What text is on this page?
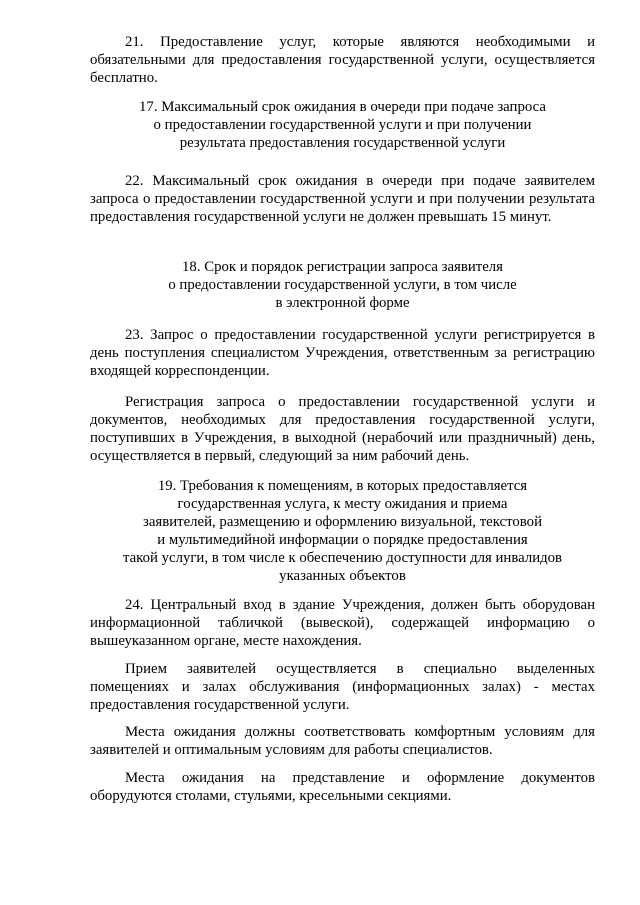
21. Предоставление услуг, которые являются необходимыми и обязательными для предоставления государственной услуги, осуществляется бесплатно.

17. Максимальный срок ожидания в очереди при подаче запроса
о предоставлении государственной услуги и при получении
результата предоставления государственной услуги

22. Максимальный срок ожидания в очереди при подаче заявителем запроса о предоставлении государственной услуги и при получении результата предоставления государственной услуги не должен превышать 15 минут.

18. Срок и порядок регистрации запроса заявителя
о предоставлении государственной услуги, в том числе
в электронной форме

23. Запрос о предоставлении государственной услуги регистрируется в день поступления специалистом Учреждения, ответственным за регистрацию входящей корреспонденции.

Регистрация запроса о предоставлении государственной услуги и документов, необходимых для предоставления государственной услуги, поступивших в Учреждения, в выходной (нерабочий или праздничный) день, осуществляется в первый, следующий за ним рабочий день.

19. Требования к помещениям, в которых предоставляется
государственная услуга, к месту ожидания и приема
заявителей, размещению и оформлению визуальной, текстовой
и мультимедийной информации о порядке предоставления
такой услуги, в том числе к обеспечению доступности для инвалидов
указанных объектов

24. Центральный вход в здание Учреждения, должен быть оборудован информационной табличкой (вывеской), содержащей информацию о вышеуказанном органе, месте нахождения.

Прием заявителей осуществляется в специально выделенных помещениях и залах обслуживания (информационных залах) - местах предоставления государственной услуги.

Места ожидания должны соответствовать комфортным условиям для заявителей и оптимальным условиям для работы специалистов.

Места ожидания на представление и оформление документов оборудуются столами, стульями, кресельными секциями.
